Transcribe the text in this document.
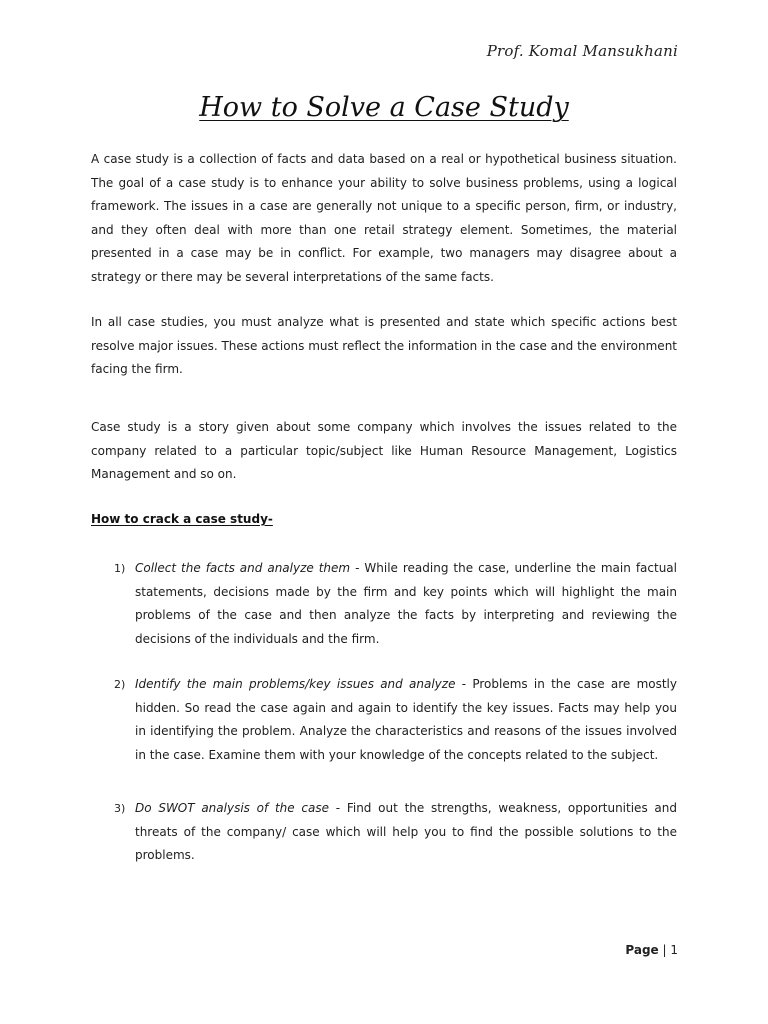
Prof. Komal Mansukhani
How to Solve a Case Study

A case study is a collection of facts and data based on a real or hypothetical business situation. The goal of a case study is to enhance your ability to solve business problems, using a logical framework. The issues in a case are generally not unique to a specific person, firm, or industry, and they often deal with more than one retail strategy element. Sometimes, the material presented in a case may be in conflict. For example, two managers may disagree about a strategy or there may be several interpretations of the same facts.

In all case studies, you must analyze what is presented and state which specific actions best resolve major issues. These actions must reflect the information in the case and the environment facing the firm.

Case study is a story given about some company which involves the issues related to the company related to a particular topic/subject like Human Resource Management, Logistics Management and so on.

How to crack a case study-
1) Collect the facts and analyze them - While reading the case, underline the main factual statements, decisions made by the firm and key points which will highlight the main problems of the case and then analyze the facts by interpreting and reviewing the decisions of the individuals and the firm.
2) Identify the main problems/key issues and analyze - Problems in the case are mostly hidden. So read the case again and again to identify the key issues. Facts may help you in identifying the problem. Analyze the characteristics and reasons of the issues involved in the case. Examine them with your knowledge of the concepts related to the subject.
3) Do SWOT analysis of the case - Find out the strengths, weakness, opportunities and threats of the company/ case which will help you to find the possible solutions to the problems.
Page | 1
